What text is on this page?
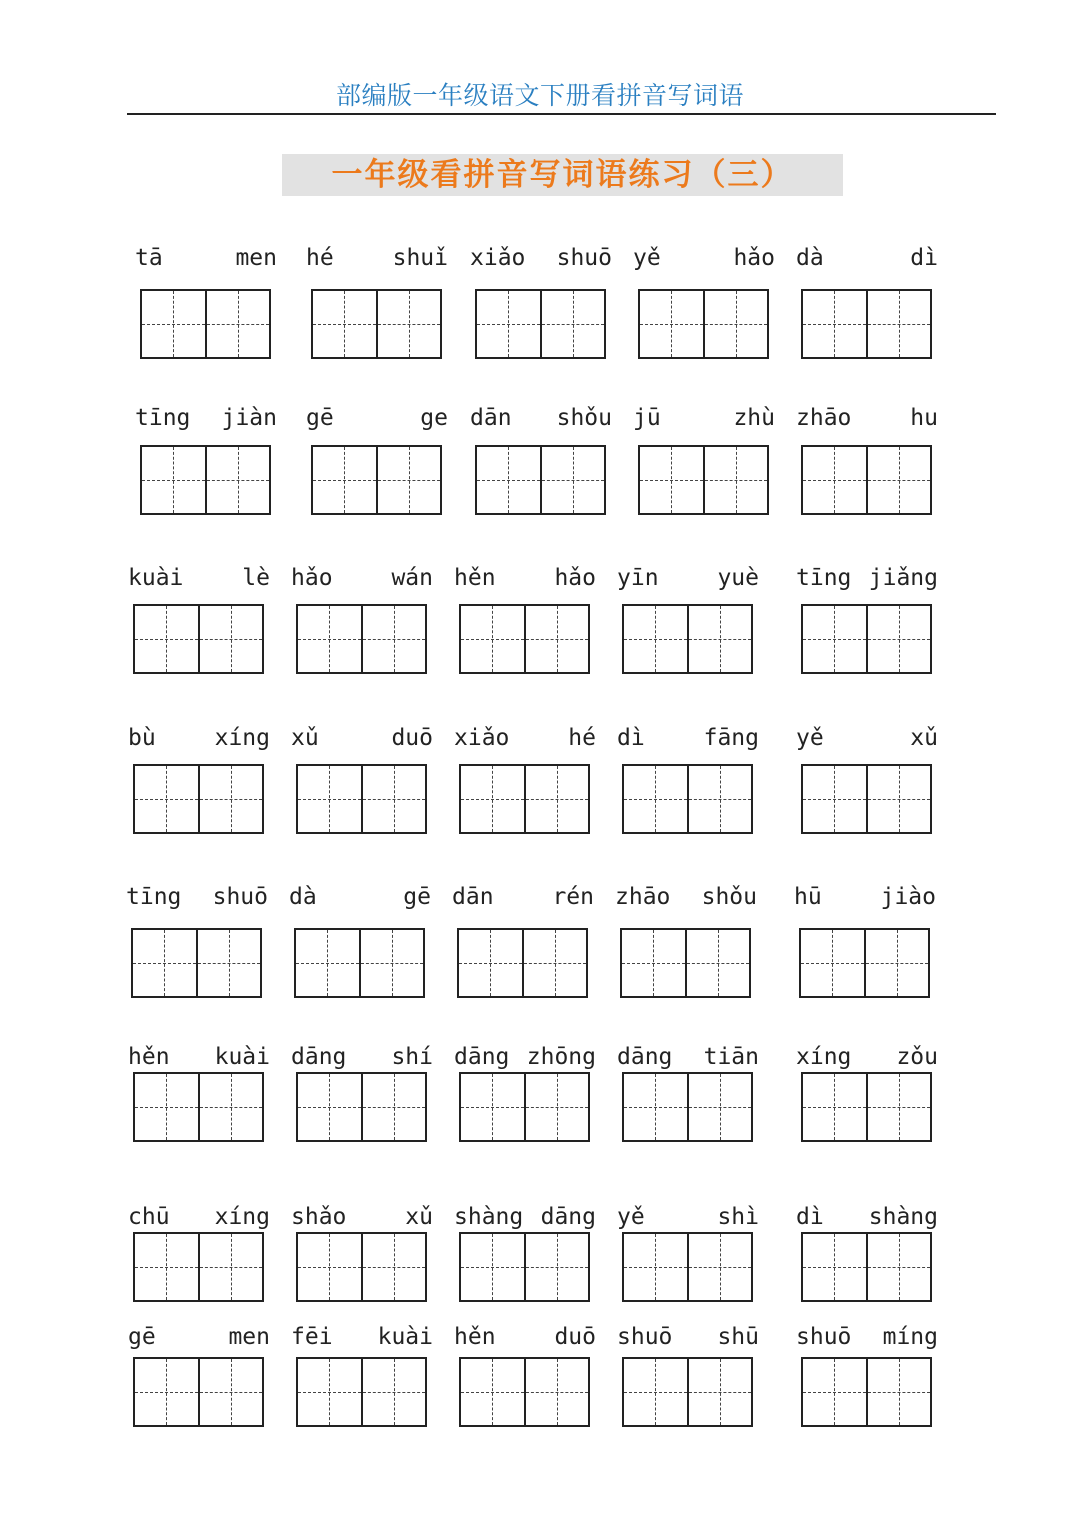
部编版一年级语文下册看拼音写词语
一年级看拼音写词语练习（三）
tā	men hé	shuǐ xiǎo shuō yě	hǎo dà	dì
tīng jiàn gē	ge dān shǒu jū	zhù zhāo	hu
kuài	lè hǎo	wán hěn	hǎo yīn	yuè tīng jiǎng
bù	xíng xǔ	duō xiǎo	hé dì	fāng yě	xǔ
tīng shuō dà	gē dān	rén zhāo shǒu hū	jiào
hěn kuài dāng shí dāng zhōng dāng tiān xíng zǒu
chū xíng shǎo	xǔ shàng dāng yě	shì dì shàng
gē	men fēi kuài hěn	duō shuō shū shuō míng
